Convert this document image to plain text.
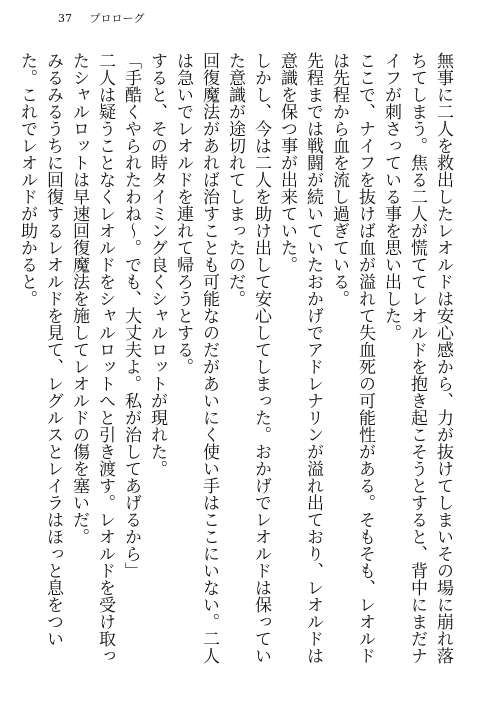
37 プロローグ

無事に二人を救出したレオルドは安心感から、力が抜けてしまいその場に崩れ落ちてしまう。焦る二人が慌ててレオルドを抱き起こそうとすると、背中にまだナイフが刺さっている事を思い出した。

ここで、ナイフを抜けば血が溢れて失血死の可能性がある。そもそも、レオルドは先程から血を流し過ぎている。

先程までは戦闘が続いていたおかげでアドレナリンが溢れ出ており、レオルドは意識を保つ事が出来ていた。

しかし、今は二人を助け出して安心してしまった。おかげでレオルドは保っていた意識が途切れてしまったのだ。

回復魔法があれば治すことも可能なのだがあいにく使い手はここにいない。二人は急いでレオルドを連れて帰ろうとする。

すると、その時タイミング良くシャルロットが現れた。

「手酷くやられたわね〜。でも、大丈夫よ。私が治してあげるから」

二人は疑うことなくレオルドをシャルロットへと引き渡す。レオルドを受け取ったシャルロットは早速回復魔法を施してレオルドの傷を塞いだ。

みるみるうちに回復するレオルドを見て、レグルスとレイラはほっと息をついた。これでレオルドが助かると。
